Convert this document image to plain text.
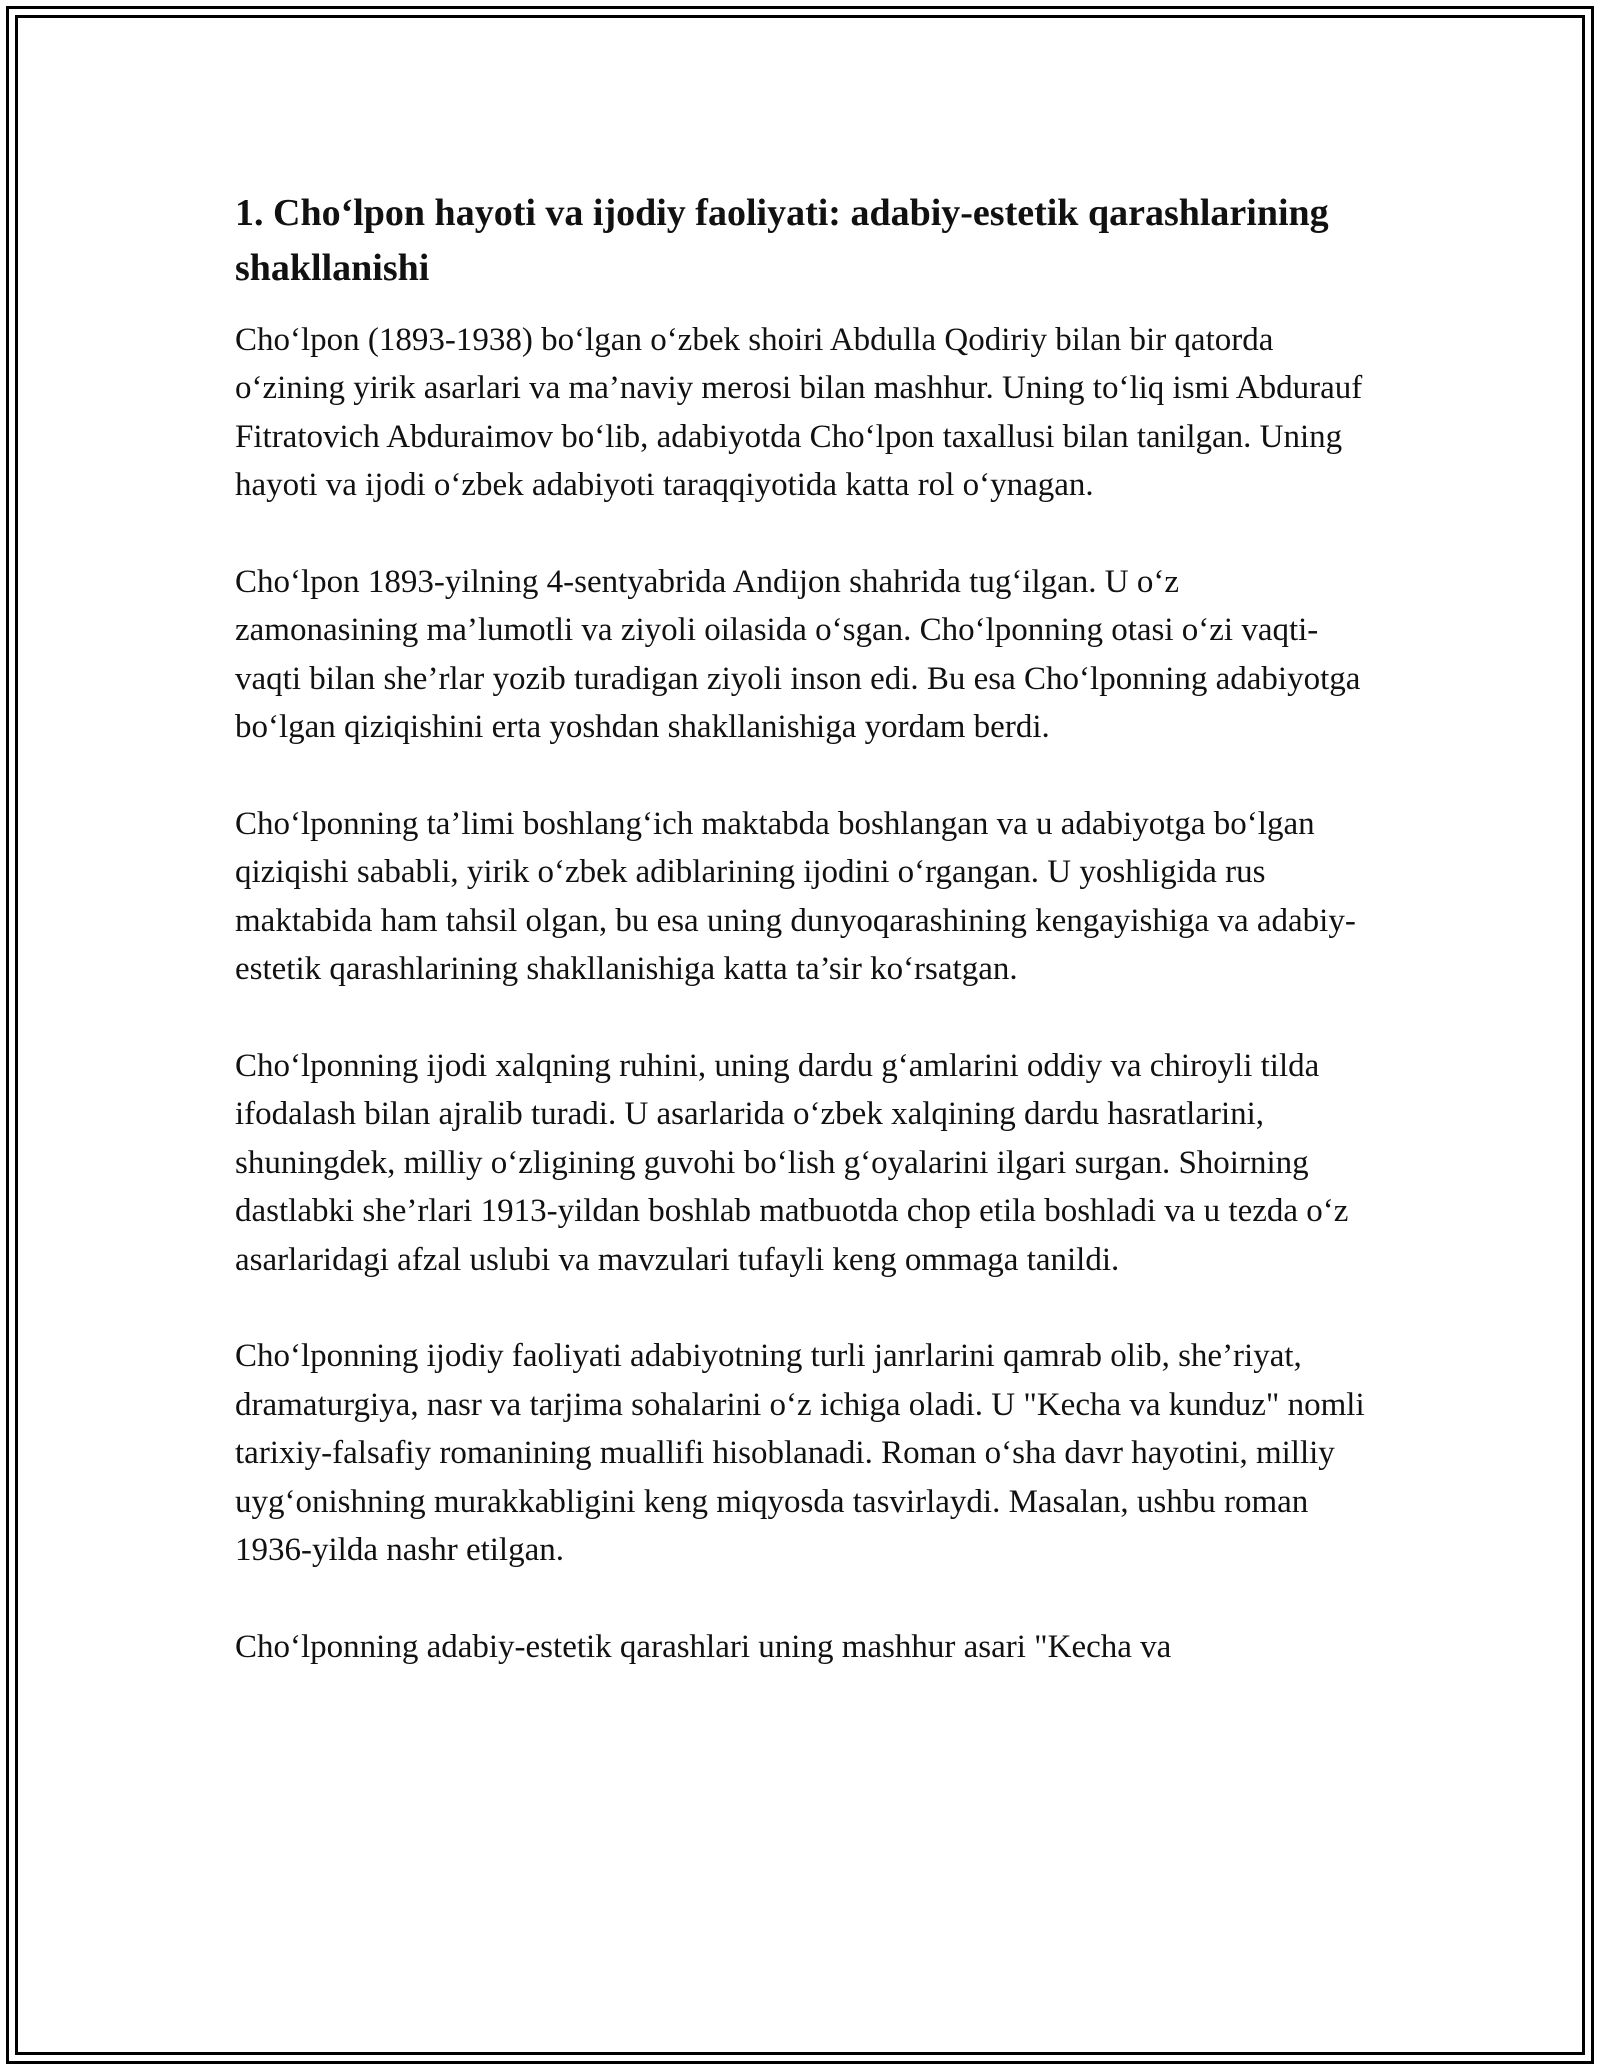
1. Cho‘lpon hayoti va ijodiy faoliyati: adabiy-estetik qarashlarining shakllanishi

Cho‘lpon (1893-1938) bo‘lgan o‘zbek shoiri Abdulla Qodiriy bilan bir qatorda o‘zining yirik asarlari va ma’naviy merosi bilan mashhur. Uning to‘liq ismi Abdurauf Fitratovich Abduraimov bo‘lib, adabiyotda Cho‘lpon taxallusi bilan tanilgan. Uning hayoti va ijodi o‘zbek adabiyoti taraqqiyotida katta rol o‘ynagan.

Cho‘lpon 1893-yilning 4-sentyabrida Andijon shahrida tug‘ilgan. U o‘z zamonasining ma’lumotli va ziyoli oilasida o‘sgan. Cho‘lponning otasi o‘zi vaqti-vaqti bilan she’rlar yozib turadigan ziyoli inson edi. Bu esa Cho‘lponning adabiyotga bo‘lgan qiziqishini erta yoshdan shakllanishiga yordam berdi.

Cho‘lponning ta’limi boshlang‘ich maktabda boshlangan va u adabiyotga bo‘lgan qiziqishi sababli, yirik o‘zbek adiblarining ijodini o‘rgangan. U yoshligida rus maktabida ham tahsil olgan, bu esa uning dunyoqarashining kengayishiga va adabiy-estetik qarashlarining shakllanishiga katta ta’sir ko‘rsatgan.

Cho‘lponning ijodi xalqning ruhini, uning dardu g‘amlarini oddiy va chiroyli tilda ifodalash bilan ajralib turadi. U asarlarida o‘zbek xalqining dardu hasratlarini, shuningdek, milliy o‘zligining guvohi bo‘lish g‘oyalarini ilgari surgan. Shoirning dastlabki she’rlari 1913-yildan boshlab matbuotda chop etila boshladi va u tezda o‘z asarlaridagi afzal uslubi va mavzulari tufayli keng ommaga tanildi.

Cho‘lponning ijodiy faoliyati adabiyotning turli janrlarini qamrab olib, she’riyat, dramaturgiya, nasr va tarjima sohalarini o‘z ichiga oladi. U "Kecha va kunduz" nomli tarixiy-falsafiy romanining muallifi hisoblanadi. Roman o‘sha davr hayotini, milliy uyg‘onishning murakkabligini keng miqyosda tasvirlaydi. Masalan, ushbu roman 1936-yilda nashr etilgan.

Cho‘lponning adabiy-estetik qarashlari uning mashhur asari "Kecha va
